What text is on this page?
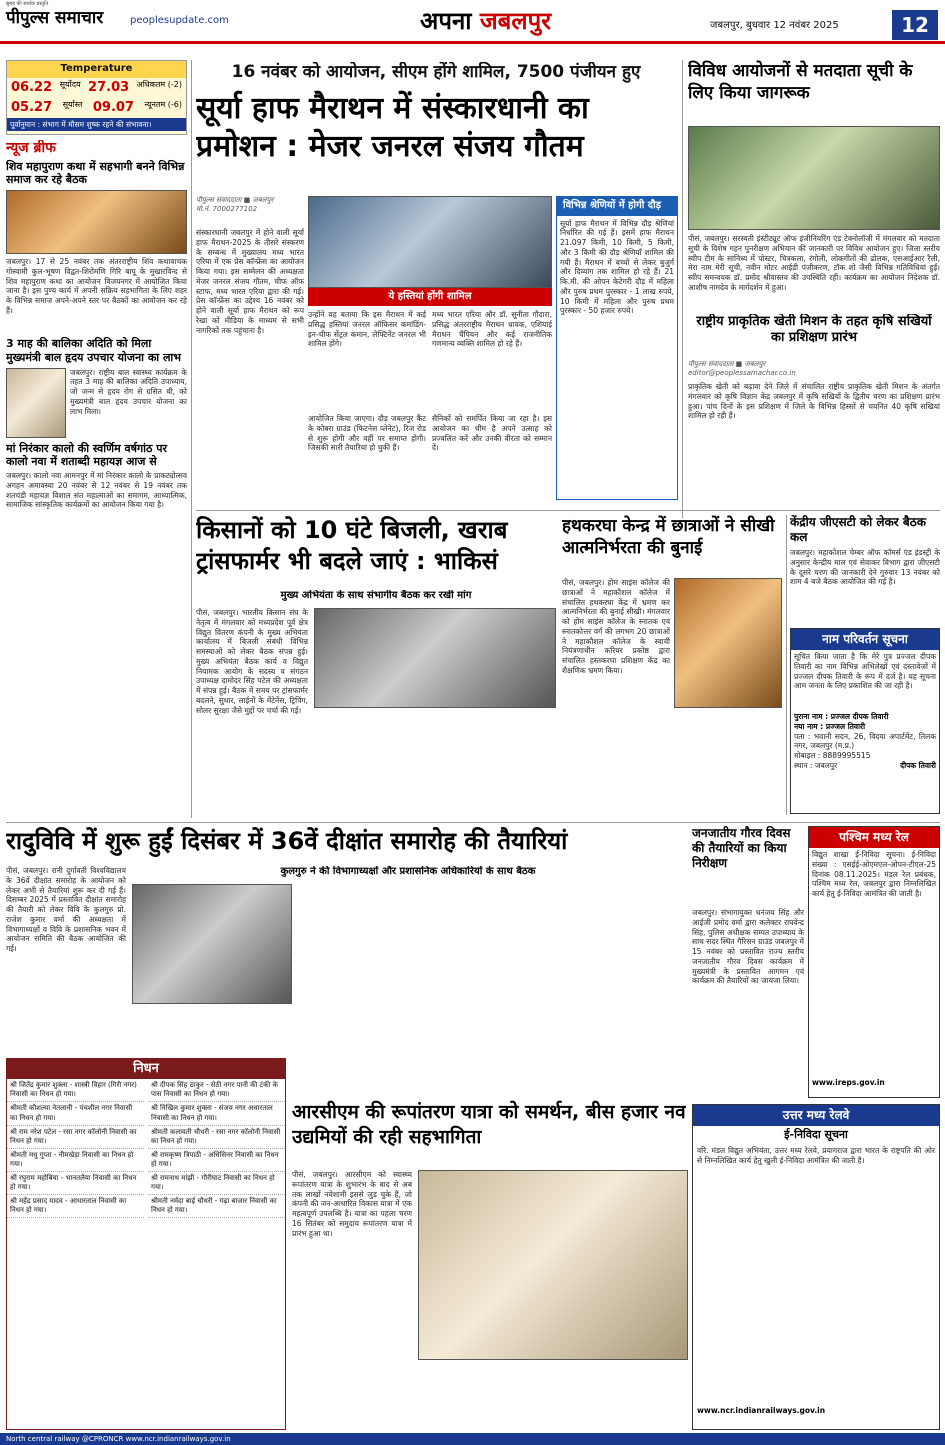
सुबह की सार्थक प्रस्तुति
पीपुल्स समाचार	peoplesupdate.com	अपना जबलपुर	जबलपुर, बुधवार 12 नवंबर 2025	12
Temperature
06.22 सूर्योदय 27.03 अधिकतम (-2)
05.27 सूर्यास्त 09.07 न्यूनतम (-6)
पूर्वानुमान : संभाग में मौसम शुष्क रहने की संभावना।
न्यूज ब्रीफ
शिव महापुराण कथा में सहभागी बनने विभिन्न समाज कर रहे बैठक
जबलपुर। 17 से 25 नवंबर तक अंतरराष्ट्रीय शिव कथावाचक गोस्वामी कुल-भूषण विद्वत-शिरोमणि गिरि बापू के मुखारविन्द से शिव महापुराण कथा का आयोजन विजयनगर में आयोजित किया जाना है। इस पुण्य कार्य में अपनी सक्रिय सहभागिता के लिए शहर के विभिन्न समाज अपने-अपने स्तर पर बैठकों का आयोजन कर रहे हैं।
3 माह की बालिका अदिति को मिला मुख्यमंत्री बाल हृदय उपचार योजना का लाभ
जबलपुर। राष्ट्रीय बाल स्वास्थ्य कार्यक्रम के तहत 3 माह की बालिका अदिति उपाध्याय, जो जन्म से हृदय रोग से ग्रसित थी, को मुख्यमंत्री बाल हृदय उपचार योजना का लाभ मिला।
मां निरंकार कालो की स्वर्णिम वर्षगांठ पर कालो नवा में शताब्दी महायज्ञ आज से
जबलपुर। कालो नवा आमनपुर में मां निरंकार कालो के प्राकट्योत्सव अगहन अमावस्या 20 नवंबर से 12 नवंबर से 19 नवंबर तक शतचंडी महायज्ञ विशाल संत महात्माओं का समागम, आध्यात्मिक, सामाजिक सांस्कृतिक कार्यक्रमों का आयोजन किया गया है।
16 नवंबर को आयोजन, सीएम होंगे शामिल, 7500 पंजीयन हुए
सूर्या हाफ मैराथन में संस्कारधानी का प्रमोशन : मेजर जनरल संजय गौतम
पीपुल्स संवाददाता ■ जबलपुर
मो.नं. 7000277102
ये हस्तियां होंगी शामिल
संस्कारधानी जबलपुर में होने वाली सूर्या हाफ मैराथन-2025 के तीसरे संस्करण के सम्बन्ध में मुख्यालय मध्य भारत एरिया में एक प्रेस कॉन्फ्रेंस का आयोजन किया गया। इस सम्मेलन की अध्यक्षता मेजर जनरल संजय गौतम, चीफ ऑफ स्टाफ, मध्य भारत एरिया द्वारा की गई। प्रेस कॉन्फ्रेंस का उद्देश्य 16 नवंबर को होने वाली सूर्या हाफ मैराथन को रूप रेखा को मीडिया के माध्यम से सभी नागरिकों तक पहुंचाना है।
उन्होंने यह बताया कि इस मैराथन में कई प्रसिद्ध हस्तियां जनरल ऑफिसर कमांडिंग-इन-चीफ सेंट्रल कमान, लेफ्टिनेंट जनरल भी शामिल होंगे।
मध्य भारत एरिया और डॉ. सुनीता गौदारा, प्रसिद्ध अंतरराष्ट्रीय मैराथन धावक, एशियाई मैराथन चैंपियन और कई राजनीतिक गणमान्य व्यक्ति शामिल हो रहे हैं।
आयोजित किया जाएगा। दौड़ जबलपुर कैंट के कोबरा ग्राउंड (फिटनेस प्लेनेट), रिज रोड से शुरू होगी और वहीं पर समाप्त होगी। जिसकी सारी तैयारियां हो चुकी हैं।
सैनिकों को समर्पित किया जा रहा है। इस आयोजन का थीम है अपने उत्साह को प्रज्वलित करें और उनकी वीरता को सम्मान दें।
विभिन्न श्रेणियों में होगी दौड़
सूर्या हाफ मैराथन में विभिन्न दौड़ श्रेणियां निर्धारित की गई हैं। इसमें हाफ मैराथन 21.097 किमी, 10 किमी, 5 किमी, और 3 किमी की दौड़ श्रेणियाँ शामिल की गयी हैं। मैराथन में बच्चों से लेकर बुजुर्ग और दिव्यांग तक शामिल हो रहे हैं। 21 कि.मी. की ओपन केटेगरी दौड़ में महिला और पुरुष प्रथम पुरस्कार - 1 लाख रुपये, 10 किमी में महिला और पुरुष प्रथम पुरस्कार - 50 हजार रुपये।
विविध आयोजनों से मतदाता सूची के लिए किया जागरूक
पीसं, जबलपुर। सरस्वती इंस्टीट्यूट ऑफ इंजीनियरिंग एंड टेक्नोलॉजी में मंगलवार को मतदाता सूची के विशेष गहन पुनरीक्षण अभियान की जानकारी पर विविध आयोजन हुए। जिला स्तरीय स्वीप टीम के सानिध्य में पोस्टर, चित्रकला, रंगोली, लोकगीतों की ढोलक, एसआईआर रैली, मेरा नाम मेरी सूची, नवीन मोटर आईडी पंजीकरण, टॉक शो जैसी विभिन्न गतिविधियां हुईं। स्वीप समन्वयक डॉ. प्रमोद श्रीवास्तव की उपस्थिति रही। कार्यक्रम का आयोजन निदेशक डॉ. आशीष नामदेव के मार्गदर्शन में हुआ।
राष्ट्रीय प्राकृतिक खेती मिशन के तहत कृषि सखियों का प्रशिक्षण प्रारंभ
पीपुल्स संवाददाता ■ जबलपुर
editor@peoplessamachar.co.in
प्राकृतिक खेती को बढ़ावा देने जिले में संचालित राष्ट्रीय प्राकृतिक खेती मिशन के अंतर्गत मंगलवार को कृषि विज्ञान केंद्र जबलपुर में कृषि सखियों के द्वितीय चरण का प्रशिक्षण प्रारंभ हुआ। पांच दिनों के इस प्रशिक्षण में जिले के विभिन्न हिस्सों से चयनित 40 कृषि सखियां शामिल हो रही हैं।
किसानों को 10 घंटे बिजली, खराब ट्रांसफार्मर भी बदले जाएं : भाकिसं
मुख्य अभियंता के साथ संभागीय बैठक कर रखी मांग
पीसं, जबलपुर। भारतीय किसान संघ के नेतृत्व में मंगलवार को मध्यप्रदेश पूर्व क्षेत्र विद्युत वितरण कंपनी के मुख्य अभियंता कार्यालय में बिजली संबंधी विभिन्न समस्याओं को लेकर बैठक संपन्न हुई। मुख्य अभियंता बैठक कार्य व विद्युत नियामक आयोग के सदस्य व संगठन उपाध्यक्ष दामोदर सिंह पटेल की अध्यक्षता में संपन्न हुई। बैठक में समय पर ट्रांसफार्मर बदलने, सुधार, लाईनों के मेंटेनेंस, ट्रिपिंग, सोलर सुरक्षा जैसे मुद्दों पर चर्चा की गई।
हथकरघा केन्द्र में छात्राओं ने सीखी आत्मनिर्भरता की बुनाई
पीसं, जबलपुर। होम साइंस कॉलेज की छात्राओं ने महाकौशल कॉलेज में संचालित हथकरघा केंद्र में भ्रमण कर आत्मनिर्भरता की बुनाई सीखी। मंगलवार को होम साइंस कॉलेज के स्नातक एवं स्नातकोत्तर वर्ग की लगभग 20 छात्राओं ने महाकौशल कॉलेज के स्वायी नियंत्रणाधीन करियर प्रकोष्ठ द्वारा संचालित हस्तकरघा प्रशिक्षण केंद्र का शैक्षणिक भ्रमण किया।
केंद्रीय जीएसटी को लेकर बैठक कल
जबलपुर। महाकोशल चेम्बर ऑफ कॉमर्स एंड इंडस्ट्री के अनुसार केन्द्रीय माल एवं सेवाकर विभाग द्वारा जीएसटी के दूसरे चरण की जानकारी देने गुरुवार 13 नवंबर को शाम 4 बजे बैठक आयोजित की गई है।
नाम परिवर्तन सूचना
सूचित किया जाता है कि मेरे पुत्र प्रज्जल दीपक तिवारी का नाम विभिन्न अभिलेखों एवं दस्तावेजों में प्रज्जल दीपक तिवारी के रूप में दर्ज है। यह सूचना आम जनता के लिए प्रकाशित की जा रही है।
पुराना नाम : प्रज्जल दीपक तिवारी
नया नाम : प्रज्जल तिवारी
पता : भवानी सदन, 26, विदया अपार्टमेंट, तिलक नगर, जबलपुर (म.प्र.)
मोबाइल : 8889995515
स्थान : जबलपुर	दीपक तिवारी
रादुविवि में शुरू हुईं दिसंबर में 36वें दीक्षांत समारोह की तैयारियां
कुलगुरु ने की विभागाध्यक्षों और प्रशासनिक अधिकारियों के साथ बैठक
पीसं, जबलपुर। रानी दुर्गावती विश्वविद्यालय के 36वें दीक्षांत समारोह के आयोजन को लेकर अभी से तैयारियां शुरू कर दी गई हैं। दिसम्बर 2025 में प्रस्तावित दीक्षांत समारोह की तैयारी को लेकर विवि के कुलगुरु प्रो. राजेश कुमार वर्मा की अध्यक्षता में विभागाध्यक्षों व विवि के प्रशासनिक भवन में आयोजन समिति की बैठक आयोजित की गई।
जनजातीय गौरव दिवस की तैयारियों का किया निरीक्षण
जबलपुर। संभागायुक्त धनंजय सिंह और आईजी प्रमोद वर्मा द्वारा कलेक्टर राघवेन्द्र सिंह, पुलिस अधीक्षक सम्पत उपाध्याय के साथ सदर स्थित गैरिसन ग्राउंड जबलपुर में 15 नवंबर को प्रस्तावित राज्य स्तरीय जनजातीय गौरव दिवस कार्यक्रम में मुख्यमंत्री के प्रस्तावित आगमन एवं कार्यक्रम की तैयारियों का जायजा लिया।
पश्चिम मध्य रेल
विद्युत शाखा ई-निविदा सूचना। ई-निविदा संख्या : एसईई-ओएमएल-ओपन-टीएल-25 दिनांक 08.11.2025। मंडल रेल प्रबंधक, पश्चिम मध्य रेल, जबलपुर द्वारा निम्नलिखित कार्य हेतु ई-निविदा आमंत्रित की जाती है।
www.ireps.gov.in
निधन
श्री जितेंद्र कुमार शुक्ला - शास्त्री विहार (गिरी नगर) निवासी का निधन हो गया।
श्री दीपक सिंह ठाकुर - सेठी नगर पानी की टंकी के पास निवासी का निधन हो गया।
श्रीमती कौशल्या नेतलानी - पंचशील नगर निवासी का निधन हो गया।
श्री निखिल कुमार शुक्ला - संजय नगर अधारताल निवासी का निधन हो गया।
श्री राम नरेश पटेल - रसा नगर कॉलोनी निवासी का निधन हो गया।
श्रीमती कलावती चौधरी - रसा नगर कॉलोनी निवासी का निधन हो गया।
श्रीमती मधु गुप्ता - नीमखेड़ा निवासी का निधन हो गया।
श्री रामकृष्ण त्रिपाठी - अधिसिनर निवासी का निधन हो गया।
श्री रघुराम महोबिया - भानतलैया निवासी का निधन हो गया।
श्री रामनाथ मांझी - गौरीघाट निवासी का निधन हो गया।
श्री महेंद्र प्रसाद यादव - आधारताल निवासी का निधन हो गया।
श्रीमती नर्मदा बाई चौधरी - गढ़ा बाजार निवासी का निधन हो गया।
आरसीएम की रूपांतरण यात्रा को समर्थन, बीस हजार नव उद्यमियों की रही सहभागिता
पीसं, जबलपुर। आरसीएम को स्वास्थ्य रूपांतरण यात्रा के शुभारंभ के बाद से अब तक लाखों नयेशामी इससे जुड़ चुके हैं, जो कंपनी की जन-आधारित विकास यात्रा में एक महत्वपूर्ण उपलब्धि है। यात्रा का पहला चरण 16 सितंबर को समुदाय रूपांतरण यात्रा में प्रारंभ हुआ था।
उत्तर मध्य रेलवे
ई-निविदा सूचना
वरि. मंडल विद्युत अभियंता, उत्तर मध्य रेलवे, प्रयागराज द्वारा भारत के राष्ट्रपति की ओर से निम्नलिखित कार्य हेतु खुली ई-निविदा आमंत्रित की जाती है।
www.ncr.indianrailways.gov.in
North central railway @CPRONCR www.ncr.indianrailways.gov.in
